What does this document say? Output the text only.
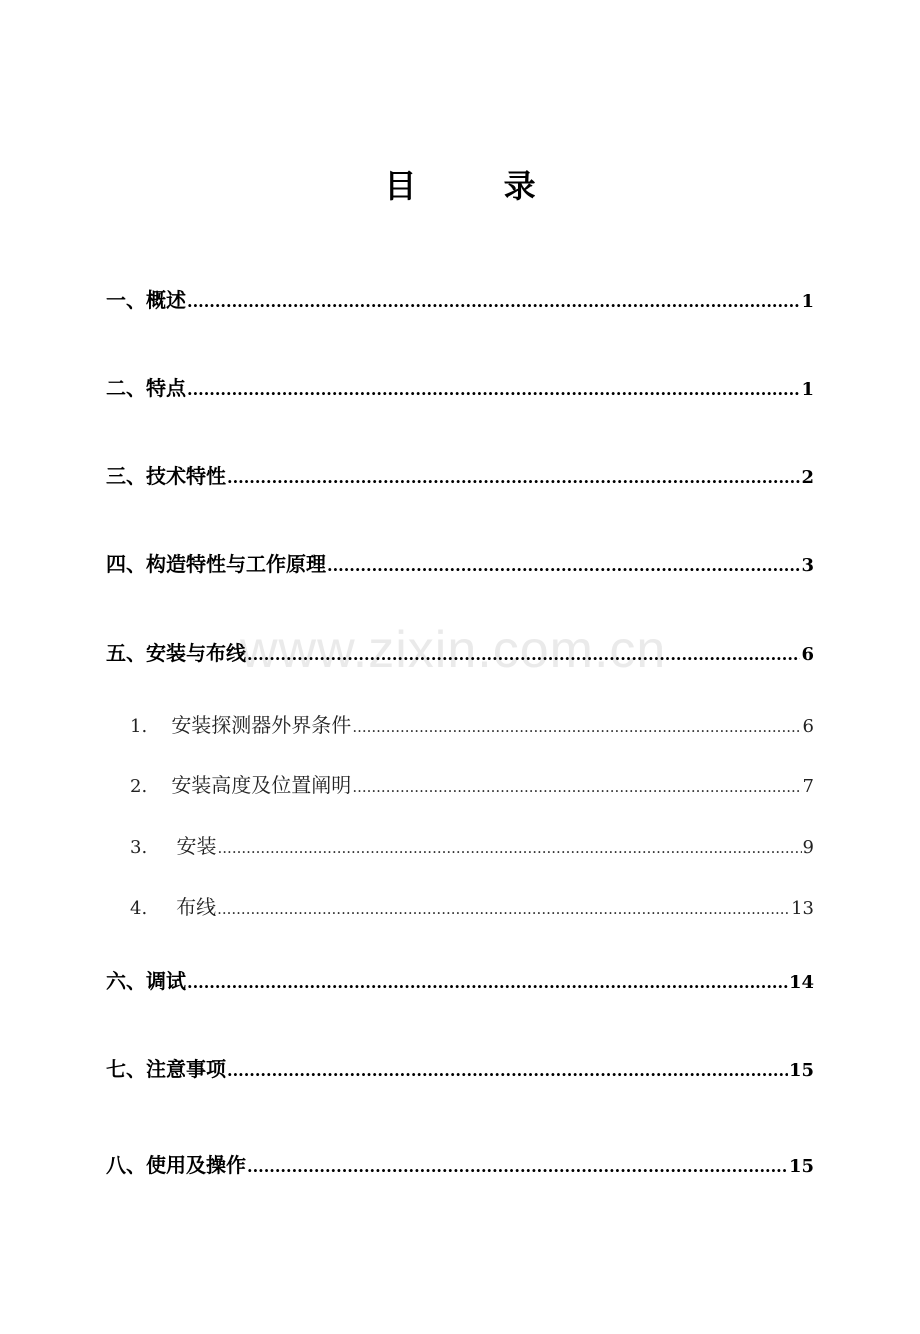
目 录
www.zixin.com.cn
一、概述 .....	1
二、特点 .....	1
三、技术特性 .....	2
四、构造特性与工作原理 .....	3
五、安装与布线 .....	6
1. 安装探测器外界条件 .....	6
2. 安装高度及位置阐明 .....	7
3. 安装 .....	9
4. 布线 .....	13
六、调试 .....	14
七、注意事项 .....	15
八、使用及操作 .....	15
